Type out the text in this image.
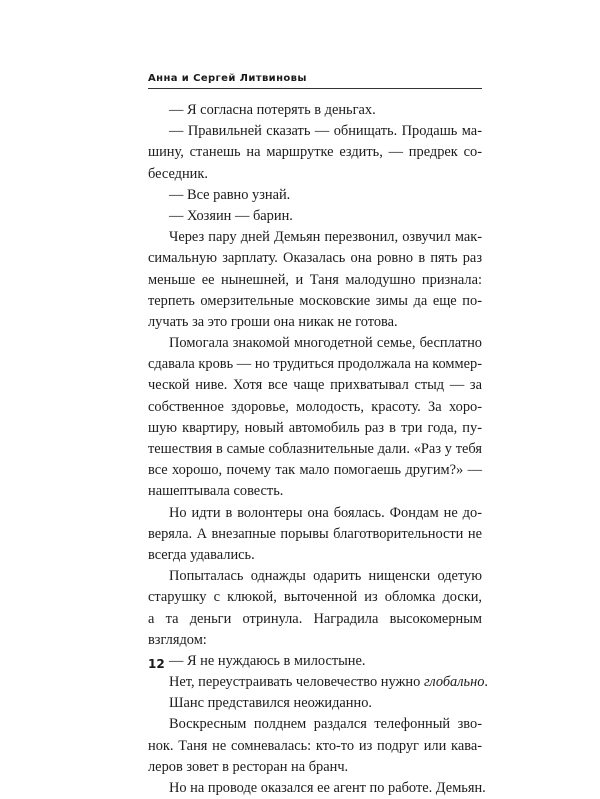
Анна и Сергей Литвиновы
— Я согласна потерять в деньгах.
— Правильней сказать — обнищать. Продашь ма-
шину, станешь на маршрутке ездить, — предрек со-
беседник.
— Все равно узнай.
— Хозяин — барин.
Через пару дней Демьян перезвонил, озвучил мак-
симальную зарплату. Оказалась она ровно в пять раз
меньше ее нынешней, и Таня малодушно признала:
терпеть омерзительные московские зимы да еще по-
лучать за это гроши она никак не готова.
Помогала знакомой многодетной семье, бесплатно
сдавала кровь — но трудиться продолжала на коммер-
ческой ниве. Хотя все чаще прихватывал стыд — за
собственное здоровье, молодость, красоту. За хоро-
шую квартиру, новый автомобиль раз в три года, пу-
тешествия в самые соблазнительные дали. «Раз у тебя
все хорошо, почему так мало помогаешь другим?» —
нашептывала совесть.
Но идти в волонтеры она боялась. Фондам не до-
веряла. А внезапные порывы благотворительности не
всегда удавались.
Попыталась однажды одарить нищенски одетую
старушку с клюкой, выточенной из обломка доски,
а та деньги отринула. Наградила высокомерным
взглядом:
— Я не нуждаюсь в милостыне.
Нет, переустраивать человечество нужно глобально.
Шанс представился неожиданно.
Воскресным полднем раздался телефонный зво-
нок. Таня не сомневалась: кто-то из подруг или кава-
леров зовет в ресторан на бранч.
Но на проводе оказался ее агент по работе. Демьян.
12
